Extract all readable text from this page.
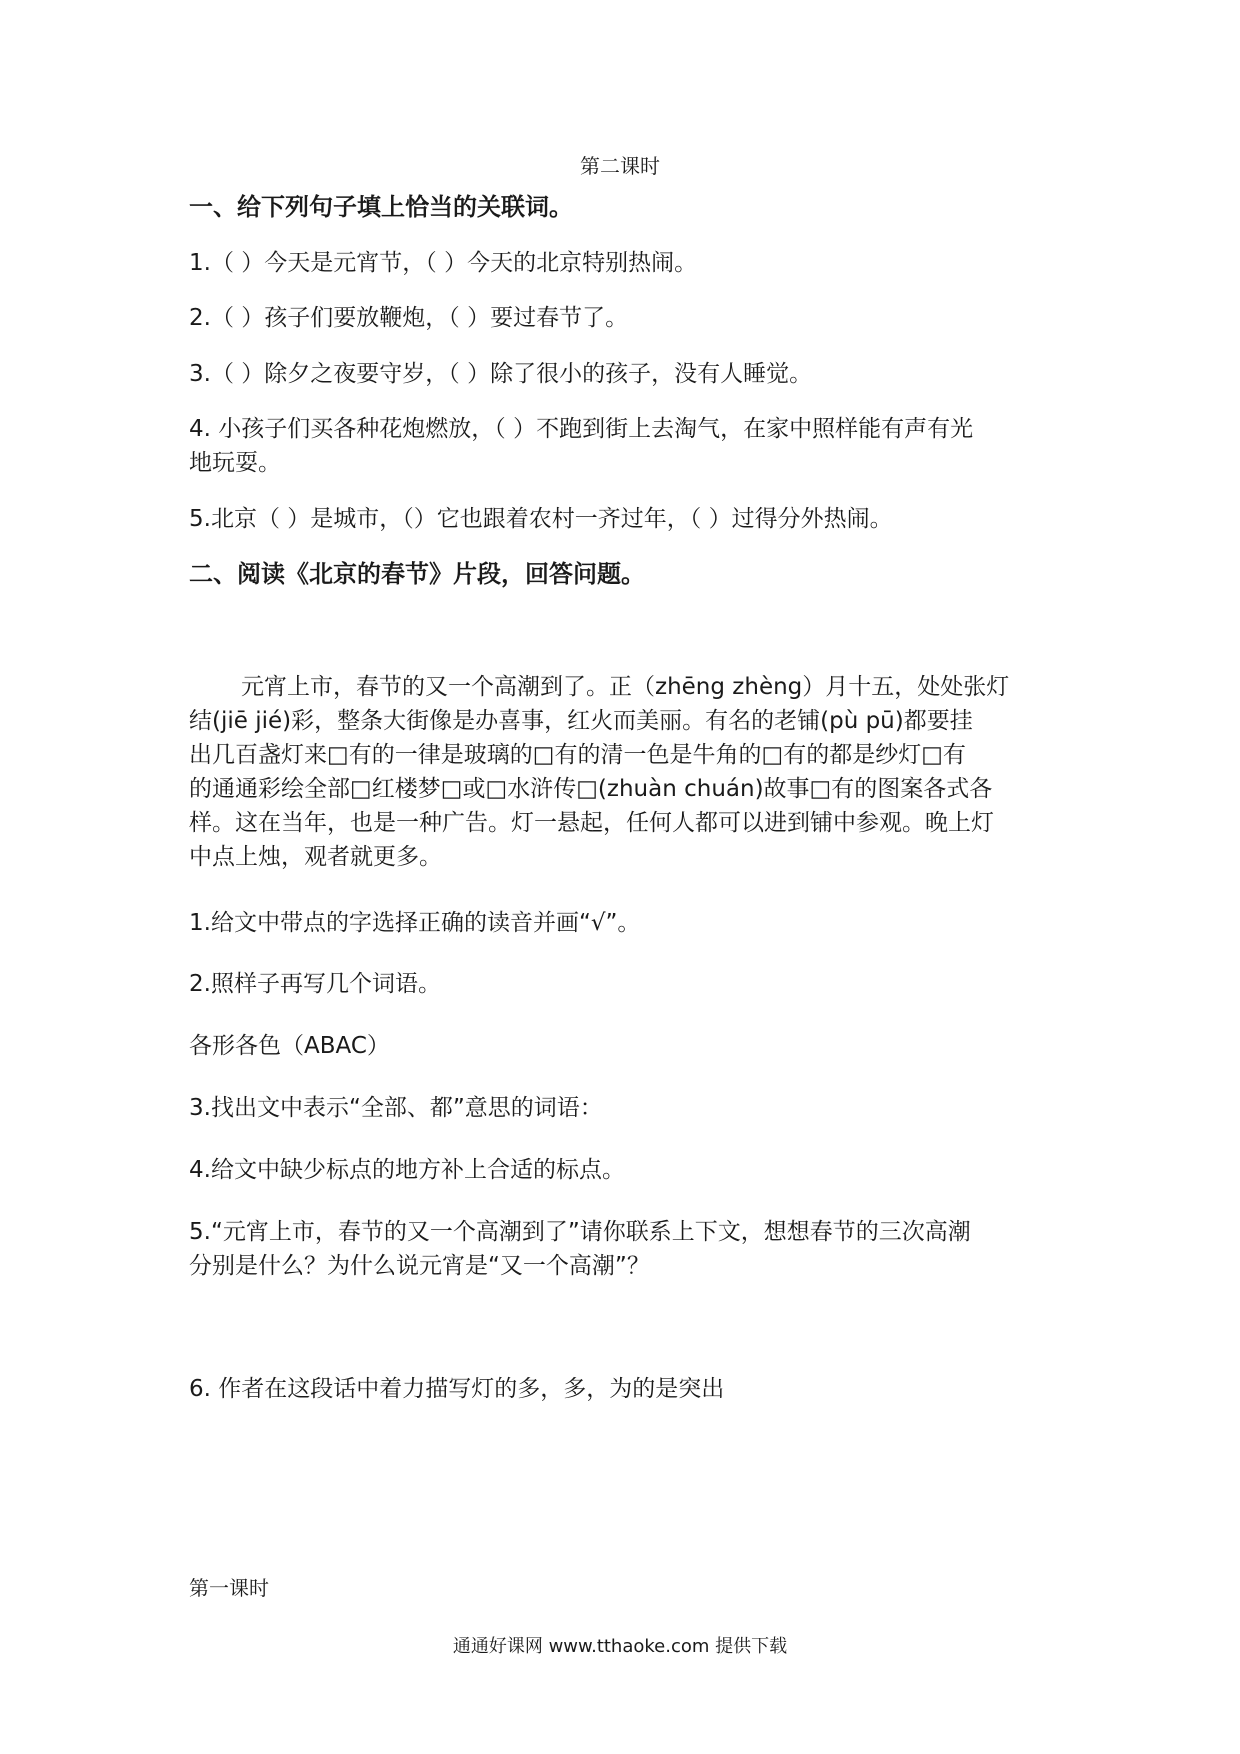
第二课时
一、给下列句子填上恰当的关联词。
1.（ ）今天是元宵节，（ ）今天的北京特别热闹。
2.（ ）孩子们要放鞭炮，（ ）要过春节了。
3.（ ）除夕之夜要守岁，（ ）除了很小的孩子，没有人睡觉。
4. 小孩子们买各种花炮燃放，（ ）不跑到街上去淘气，在家中照样能有声有光
地玩耍。
5.北京（ ）是城市，（）它也跟着农村一齐过年，（ ）过得分外热闹。
二、阅读《北京的春节》片段，回答问题。
元宵上市，春节的又一个高潮到了。正（zhēng zhèng）月十五，处处张灯
结(jiē jié)彩，整条大街像是办喜事，红火而美丽。有名的老铺(pù pū)都要挂
出几百盏灯来□有的一律是玻璃的□有的清一色是牛角的□有的都是纱灯□有
的通通彩绘全部□红楼梦□或□水浒传□(zhuàn chuán)故事□有的图案各式各
样。这在当年，也是一种广告。灯一悬起，任何人都可以进到铺中参观。晚上灯
中点上烛，观者就更多。
1.给文中带点的字选择正确的读音并画“√”。
2.照样子再写几个词语。
各形各色（ABAC）
3.找出文中表示“全部、都”意思的词语：
4.给文中缺少标点的地方补上合适的标点。
5.“元宵上市，春节的又一个高潮到了”请你联系上下文，想想春节的三次高潮
分别是什么？为什么说元宵是“又一个高潮”？
6. 作者在这段话中着力描写灯的多，多，为的是突出
第一课时
通通好课网 www.tthaoke.com 提供下载
